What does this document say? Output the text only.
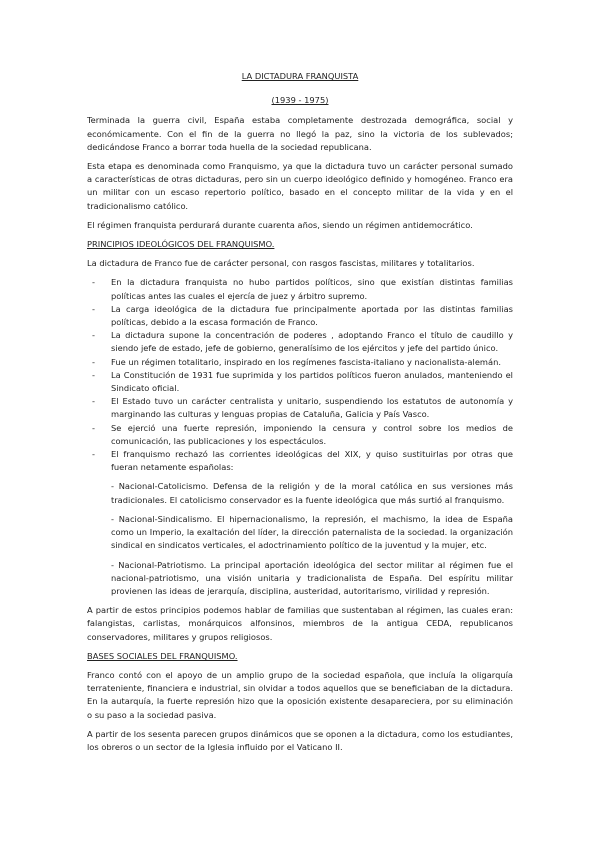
LA DICTADURA FRANQUISTA
(1939 - 1975)

Terminada la guerra civil, España estaba completamente destrozada demográfica, social y económicamente. Con el fin de la guerra no llegó la paz, sino la victoria de los sublevados; dedicándose Franco a borrar toda huella de la sociedad republicana.

Esta etapa es denominada como Franquismo, ya que la dictadura tuvo un carácter personal sumado a características de otras dictaduras, pero sin un cuerpo ideológico definido y homogéneo. Franco era un militar con un escaso repertorio político, basado en el concepto militar de la vida y en el tradicionalismo católico.

El régimen franquista perdurará durante cuarenta años, siendo un régimen antidemocrático.

PRINCIPIOS IDEOLÓGICOS DEL FRANQUISMO.

La dictadura de Franco fue de carácter personal, con rasgos fascistas, militares y totalitarios.

- En la dictadura franquista no hubo partidos políticos, sino que existían distintas familias políticas antes las cuales el ejercía de juez y árbitro supremo.
- La carga ideológica de la dictadura fue principalmente aportada por las distintas familias políticas, debido a la escasa formación de Franco.
- La dictadura supone la concentración de poderes , adoptando Franco el título de caudillo y siendo jefe de estado, jefe de gobierno, generalísimo de los ejércitos y jefe del partido único.
- Fue un régimen totalitario, inspirado en los regímenes fascista-italiano y nacionalista-alemán.
- La Constitución de 1931 fue suprimida y los partidos políticos fueron anulados, manteniendo el Sindicato oficial.
- El Estado tuvo un carácter centralista y unitario, suspendiendo los estatutos de autonomía y marginando las culturas y lenguas propias de Cataluña, Galicia y País Vasco.
- Se ejerció una fuerte represión, imponiendo la censura y control sobre los medios de comunicación, las publicaciones y los espectáculos.
- El franquismo rechazó las corrientes ideológicas del XIX, y quiso sustituirlas por otras que fueran netamente españolas:

- Nacional-Catolicismo. Defensa de la religión y de la moral católica en sus versiones más tradicionales. El catolicismo conservador es la fuente ideológica que más surtió al franquismo.

- Nacional-Sindicalismo. El hipernacionalismo, la represión, el machismo, la idea de España como un Imperio, la exaltación del líder, la dirección paternalista de la sociedad. la organización sindical en sindicatos verticales, el adoctrinamiento político de la juventud y la mujer, etc.

- Nacional-Patriotismo. La principal aportación ideológica del sector militar al régimen fue el nacional-patriotismo, una visión unitaria y tradicionalista de España. Del espíritu militar provienen las ideas de jerarquía, disciplina, austeridad, autoritarismo, virilidad y represión.

A partir de estos principios podemos hablar de familias que sustentaban al régimen, las cuales eran: falangistas, carlistas, monárquicos alfonsinos, miembros de la antigua CEDA, republicanos conservadores, militares y grupos religiosos.

BASES SOCIALES DEL FRANQUISMO.

Franco contó con el apoyo de un amplio grupo de la sociedad española, que incluía la oligarquía terrateniente, financiera e industrial, sin olvidar a todos aquellos que se beneficiaban de la dictadura. En la autarquía, la fuerte represión hizo que la oposición existente desapareciera, por su eliminación o su paso a la sociedad pasiva.

A partir de los sesenta parecen grupos dinámicos que se oponen a la dictadura, como los estudiantes, los obreros o un sector de la Iglesia influido por el Vaticano II.
